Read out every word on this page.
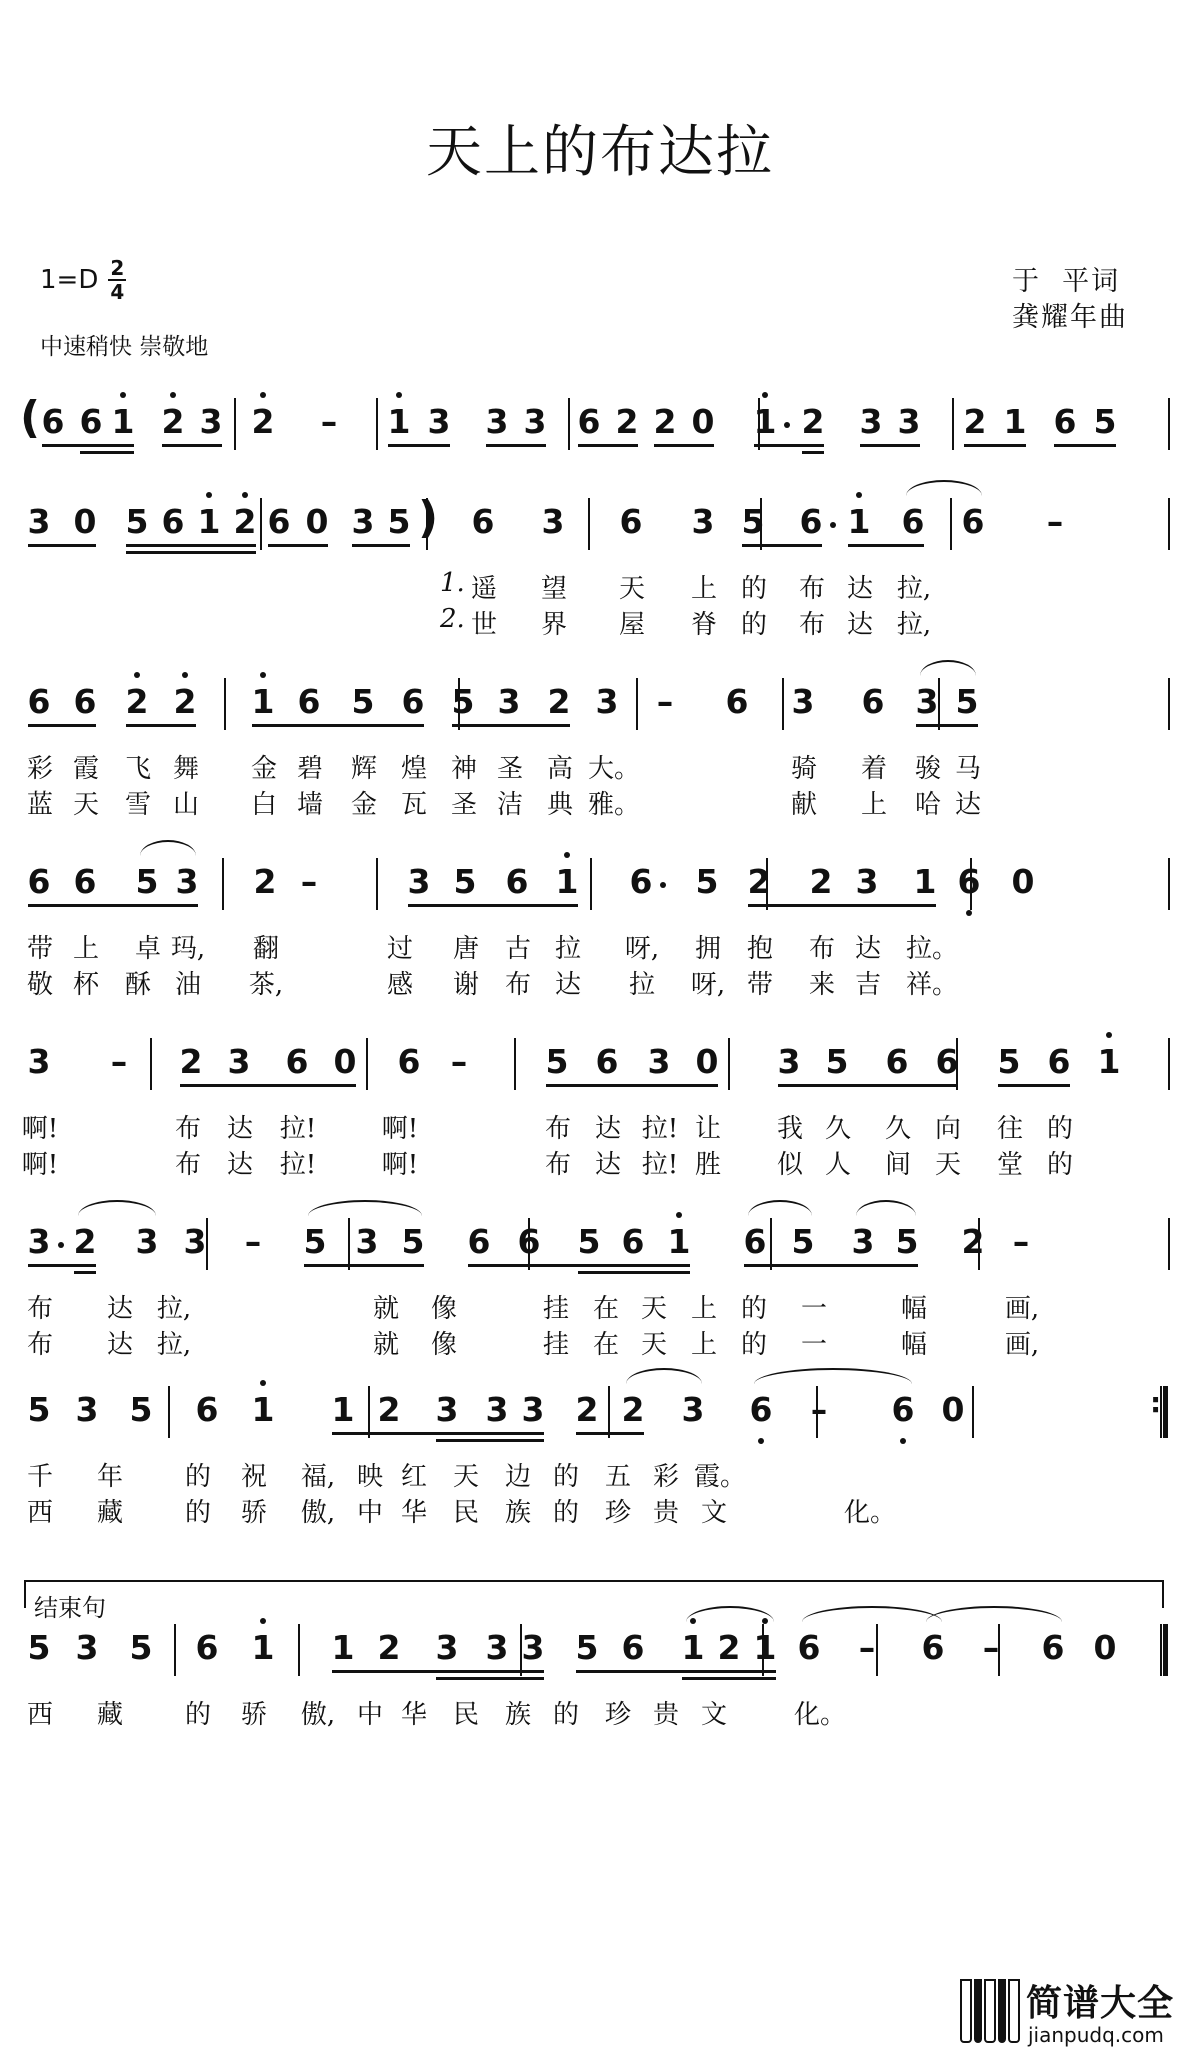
天上的布达拉
$1=D \frac{2}{4}$
中速稍快 崇敬地
于  平词
龚耀年曲
6 6 1 2 3 2 – 1 3 3 3 6 2 2 0 1 2 3 3 2 1 6 5
(
3 0 5 6 1 2 6 0 3 5 6 3 6 3 5 6 1 6 6 –
遥 望 天 上 的 布 达 拉,
世 界 屋 脊 的 布 达 拉,
1.
2.
)
6 6 2 2 1 6 5 6 5 3 2 3 – 6 3 6 3 5
彩 霞 飞 舞 金 碧 辉 煌 神 圣 高 大。	骑 着 骏 马
蓝 天 雪 山 白 墙 金 瓦 圣 洁 典 雅。	献 上 哈 达
6 6 5 3 2 –	3 5 6 1 6 5 2 2 3 1 6 0
带 上 卓 玛, 翻	过 唐 古 拉 呀, 拥 抱 布 达 拉。
敬 杯 酥 油 茶,	感 谢 布 达 拉 呀, 带 来 吉 祥。
3 – 2 3 6 0 6 – 5 6 3 0 3 5 6 6 5 6 1
啊!	布 达 拉!	啊!	布 达 拉! 让 我 久 久 向 往 的
啊!	布 达 拉!	啊!	布 达 拉! 胜 似 人 间 天 堂 的
3 2 3 3 – 5 3 5 6 6 5 6 1 6 5 3 5 2 –
布 达 拉,	就 像	挂 在 天 上 的 一	幅	画,
布 达 拉,	就 像	挂 在 天 上 的 一	幅	画,
5 3 5 6 1 1 2 3 3 3 2 2 3 6 – 6 0
千 年 的 祝 福, 映 红 天 边 的 五 彩 霞。
西 藏 的 骄 傲, 中 华 民 族 的 珍 贵 文	化。
:
5 3 5 6 1 1 2 3 3 3 5 6 1 2 1 6 – 6 – 6 0
西 藏 的 骄 傲, 中 华 民 族 的 珍 贵 文	化。
结束句
简谱大全
jianpudq.com
